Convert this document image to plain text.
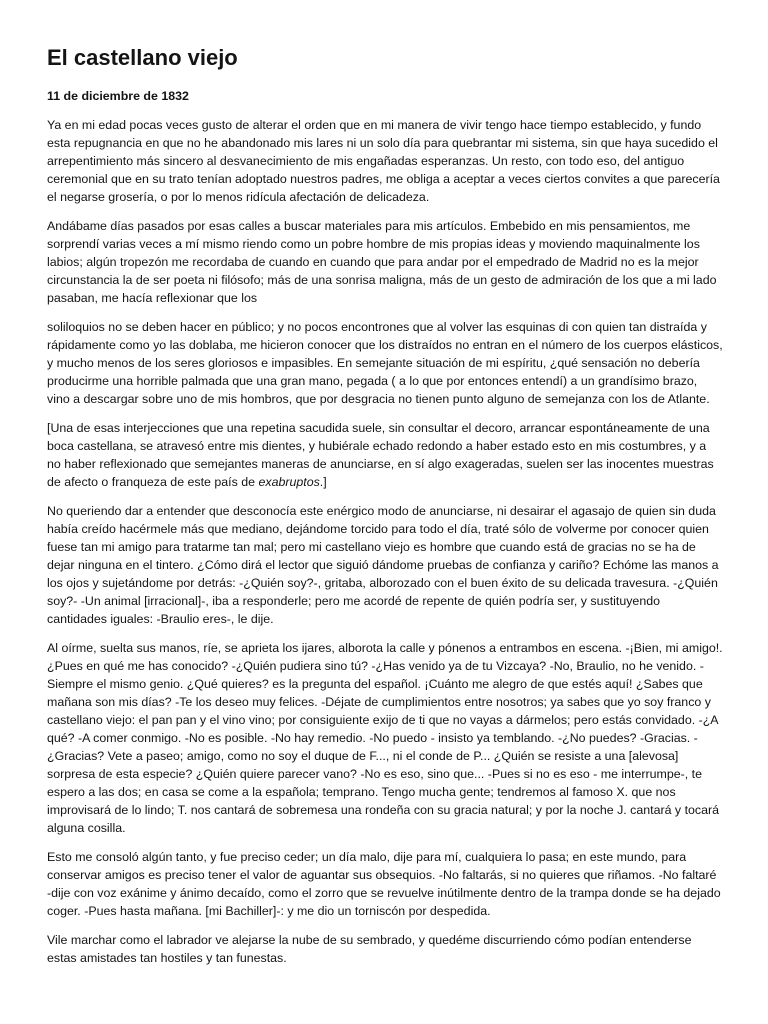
El castellano viejo
11 de diciembre de 1832

Ya en mi edad pocas veces gusto de alterar el orden que en mi manera de vivir tengo hace tiempo establecido, y fundo esta repugnancia en que no he abandonado mis lares ni un solo día para quebrantar mi sistema, sin que haya sucedido el arrepentimiento más sincero al desvanecimiento de mis engañadas esperanzas. Un resto, con todo eso, del antiguo ceremonial que en su trato tenían adoptado nuestros padres, me obliga a aceptar a veces ciertos convites a que parecería el negarse grosería, o por lo menos ridícula afectación de delicadeza.

Andábame días pasados por esas calles a buscar materiales para mis artículos. Embebido en mis pensamientos, me sorprendí varias veces a mí mismo riendo como un pobre hombre de mis propias ideas y moviendo maquinalmente los labios; algún tropezón me recordaba de cuando en cuando que para andar por el empedrado de Madrid no es la mejor circunstancia la de ser poeta ni filósofo; más de una sonrisa maligna, más de un gesto de admiración de los que a mi lado pasaban, me hacía reflexionar que los

soliloquios no se deben hacer en público; y no pocos encontrones que al volver las esquinas di con quien tan distraída y rápidamente como yo las doblaba, me hicieron conocer que los distraídos no entran en el número de los cuerpos elásticos, y mucho menos de los seres gloriosos e impasibles. En semejante situación de mi espíritu, ¿qué sensación no debería producirme una horrible palmada que una gran mano, pegada ( a lo que por entonces entendí) a un grandísimo brazo, vino a descargar sobre uno de mis hombros, que por desgracia no tienen punto alguno de semejanza con los de Atlante.

[Una de esas interjecciones que una repetina sacudida suele, sin consultar el decoro, arrancar espontáneamente de una boca castellana, se atravesó entre mis dientes, y hubiérale echado redondo a haber estado esto en mis costumbres, y a no haber reflexionado que semejantes maneras de anunciarse, en sí algo exageradas, suelen ser las inocentes muestras de afecto o franqueza de este país de exabruptos.]

No queriendo dar a entender que desconocía este enérgico modo de anunciarse, ni desairar el agasajo de quien sin duda había creído hacérmele más que mediano, dejándome torcido para todo el día, traté sólo de volverme por conocer quien fuese tan mi amigo para tratarme tan mal; pero mi castellano viejo es hombre que cuando está de gracias no se ha de dejar ninguna en el tintero. ¿Cómo dirá el lector que siguió dándome pruebas de confianza y cariño? Echóme las manos a los ojos y sujetándome por detrás: -¿Quién soy?-, gritaba, alborozado con el buen éxito de su delicada travesura. -¿Quién soy?- -Un animal [irracional]-, iba a responderle; pero me acordé de repente de quién podría ser, y sustituyendo cantidades iguales: -Braulio eres-, le dije.

Al oírme, suelta sus manos, ríe, se aprieta los ijares, alborota la calle y pónenos a entrambos en escena. -¡Bien, mi amigo!. ¿Pues en qué me has conocido? -¿Quién pudiera sino tú? -¿Has venido ya de tu Vizcaya? -No, Braulio, no he venido. -Siempre el mismo genio. ¿Qué quieres? es la pregunta del español. ¡Cuánto me alegro de que estés aquí! ¿Sabes que mañana son mis días? -Te los deseo muy felices. -Déjate de cumplimientos entre nosotros; ya sabes que yo soy franco y castellano viejo: el pan pan y el vino vino; por consiguiente exijo de ti que no vayas a dármelos; pero estás convidado. -¿A qué? -A comer conmigo. -No es posible. -No hay remedio. -No puedo - insisto ya temblando. -¿No puedes? -Gracias. -¿Gracias? Vete a paseo; amigo, como no soy el duque de F..., ni el conde de P... ¿Quién se resiste a una [alevosa] sorpresa de esta especie? ¿Quién quiere parecer vano? -No es eso, sino que... -Pues si no es eso - me interrumpe-, te espero a las dos; en casa se come a la española; temprano. Tengo mucha gente; tendremos al famoso X. que nos improvisará de lo lindo; T. nos cantará de sobremesa una rondeña con su gracia natural; y por la noche J. cantará y tocará alguna cosilla.

Esto me consoló algún tanto, y fue preciso ceder; un día malo, dije para mí, cualquiera lo pasa; en este mundo, para conservar amigos es preciso tener el valor de aguantar sus obsequios. -No faltarás, si no quieres que riñamos. -No faltaré -dije con voz exánime y ánimo decaído, como el zorro que se revuelve inútilmente dentro de la trampa donde se ha dejado coger. -Pues hasta mañana. [mi Bachiller]-: y me dio un torniscón por despedida.

Vile marchar como el labrador ve alejarse la nube de su sembrado, y quedéme discurriendo cómo podían entenderse estas amistades tan hostiles y tan funestas.
